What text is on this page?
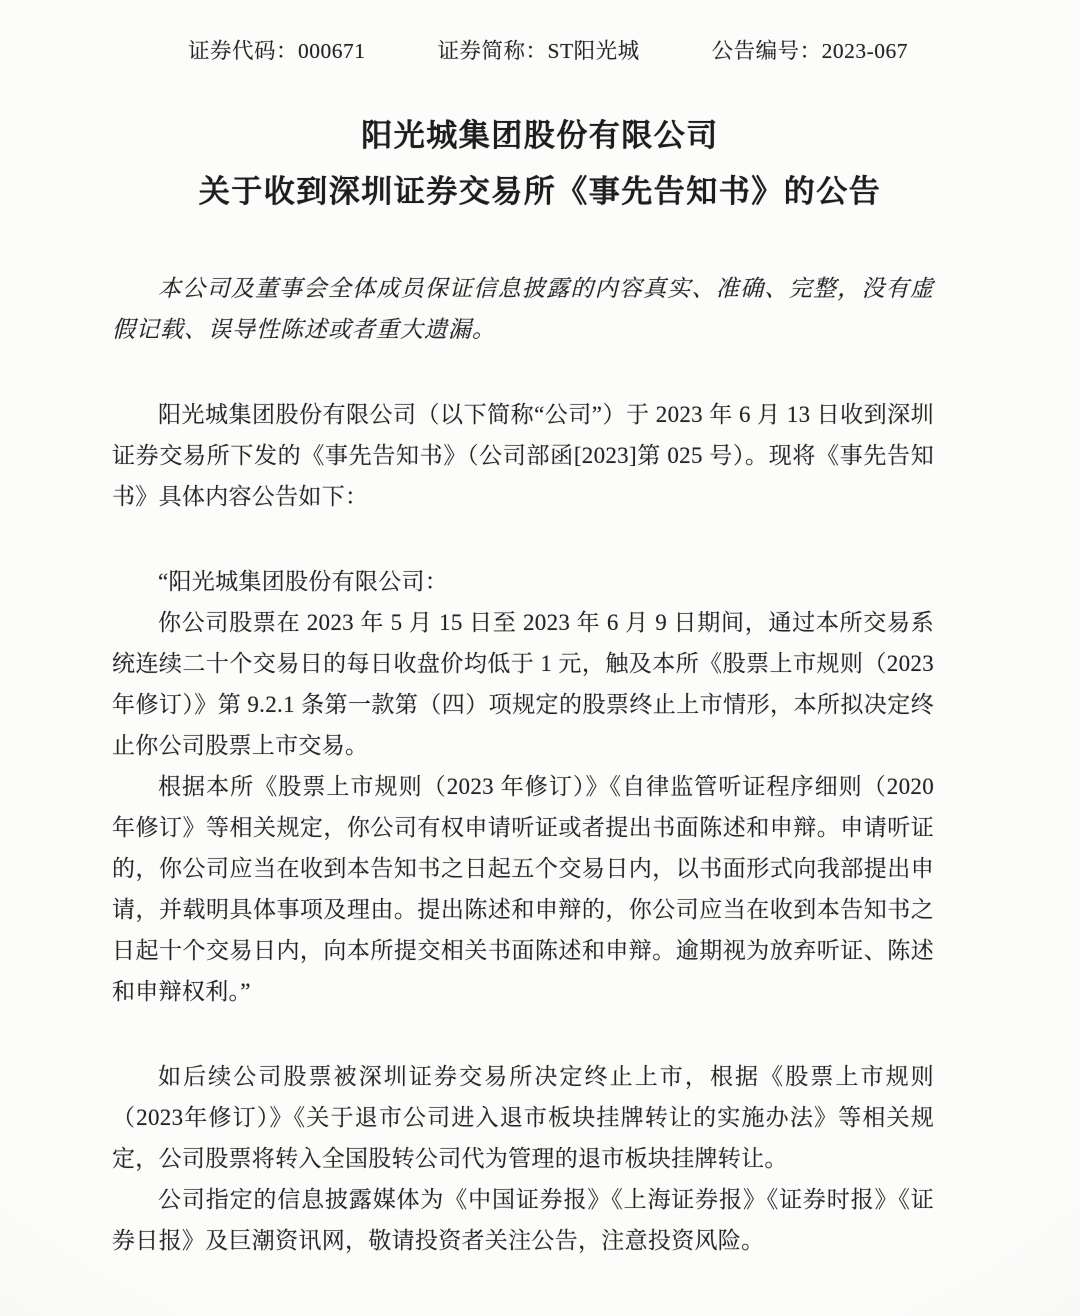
证券代码：000671	证券简称：ST阳光城	公告编号：2023-067
阳光城集团股份有限公司
关于收到深圳证券交易所《事先告知书》的公告

本公司及董事会全体成员保证信息披露的内容真实、准确、完整，没有虚假记载、误导性陈述或者重大遗漏。

阳光城集团股份有限公司（以下简称“公司”）于 2023 年 6 月 13 日收到深圳证券交易所下发的《事先告知书》（公司部函[2023]第 025 号）。现将《事先告知书》具体内容公告如下：

“阳光城集团股份有限公司：

你公司股票在 2023 年 5 月 15 日至 2023 年 6 月 9 日期间，通过本所交易系统连续二十个交易日的每日收盘价均低于 1 元，触及本所《股票上市规则（2023 年修订）》第 9.2.1 条第一款第（四）项规定的股票终止上市情形，本所拟决定终止你公司股票上市交易。

根据本所《股票上市规则（2023 年修订）》《自律监管听证程序细则（2020 年修订》等相关规定，你公司有权申请听证或者提出书面陈述和申辩。申请听证的，你公司应当在收到本告知书之日起五个交易日内，以书面形式向我部提出申请，并载明具体事项及理由。提出陈述和申辩的，你公司应当在收到本告知书之日起十个交易日内，向本所提交相关书面陈述和申辩。逾期视为放弃听证、陈述和申辩权利。”

如后续公司股票被深圳证券交易所决定终止上市，根据《股票上市规则（2023年修订）》《关于退市公司进入退市板块挂牌转让的实施办法》等相关规定，公司股票将转入全国股转公司代为管理的退市板块挂牌转让。

公司指定的信息披露媒体为《中国证券报》《上海证券报》《证券时报》《证券日报》及巨潮资讯网，敬请投资者关注公告，注意投资风险。
